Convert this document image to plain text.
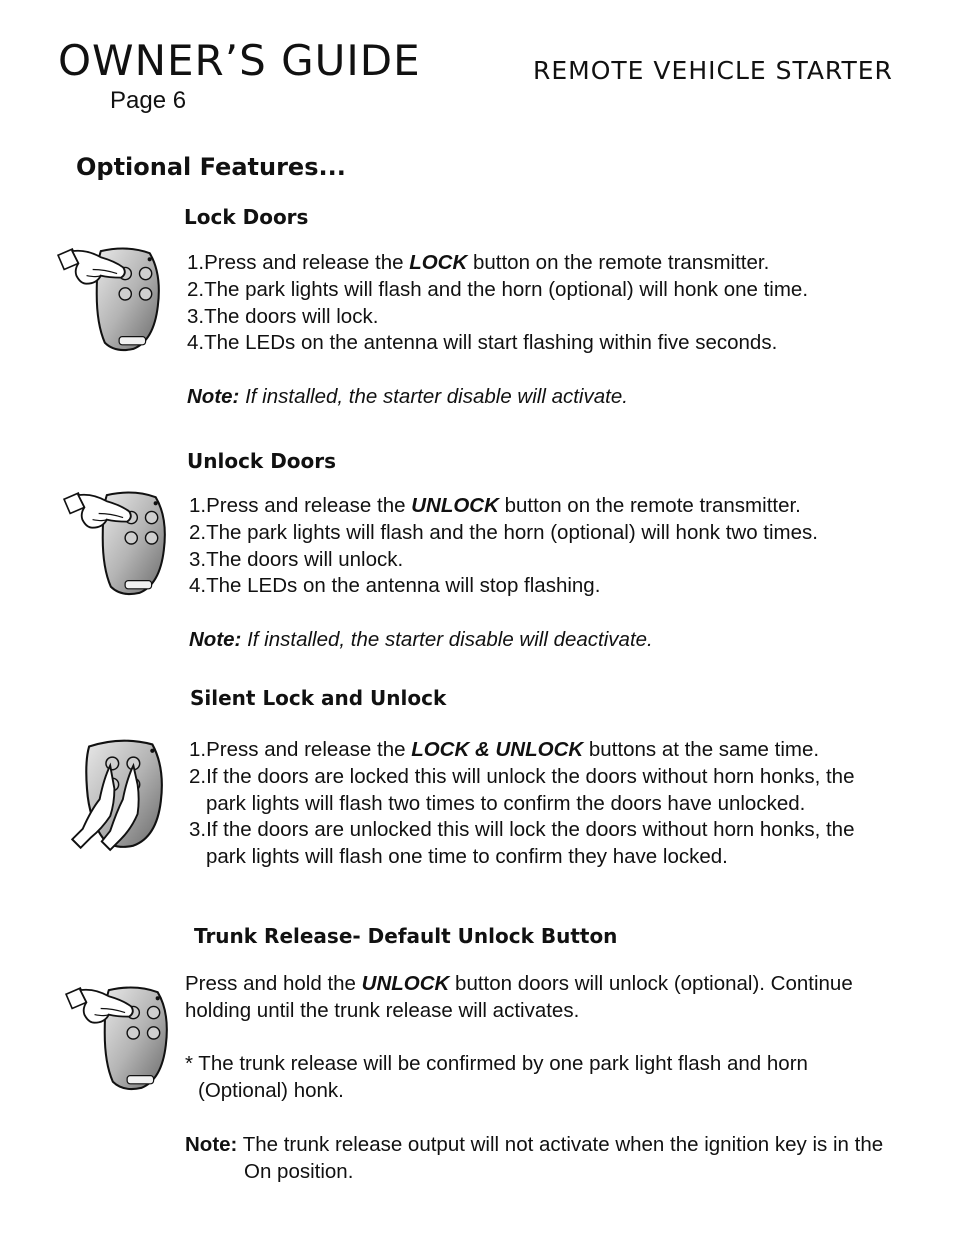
OWNER’S GUIDE	REMOTE VEHICLE STARTER
Page 6
Optional Features...
Lock Doors

1.Press and release the LOCK button on the remote transmitter.

2.The park lights will flash and the horn (optional) will honk one time.

3.The doors will lock.

4.The LEDs on the antenna will start flashing within five seconds.

Note: If installed, the starter disable will activate.

Unlock Doors

1.Press and release the UNLOCK button on the remote transmitter.

2.The park lights will flash and the horn (optional) will honk two times.

3.The doors will unlock.

4.The LEDs on the antenna will stop flashing.

Note: If installed, the starter disable will deactivate.

Silent Lock and Unlock

1.Press and release the LOCK & UNLOCK buttons at the same time.

2.If the doors are locked this will unlock the doors without horn honks, the

park lights will flash two times to confirm the doors have unlocked.

3.If the doors are unlocked this will lock the doors without horn honks, the

park lights will flash one time to confirm they have locked.

Trunk Release- Default Unlock Button

Press and hold the UNLOCK button doors will unlock (optional). Continue

holding until the trunk release will activates.

* The trunk release will be confirmed by one park light flash and horn

(Optional) honk.

Note: The trunk release output will not activate when the ignition key is in the

On position.
